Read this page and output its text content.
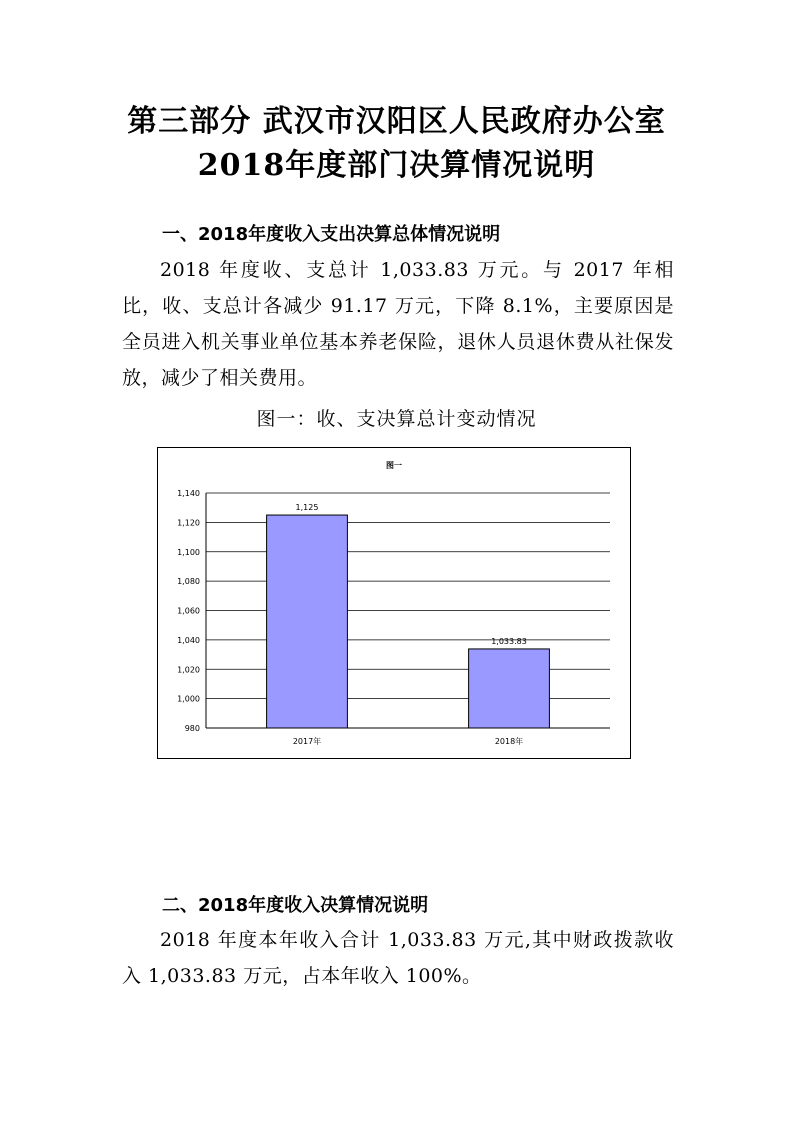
第三部分 武汉市汉阳区人民政府办公室
2018年度部门决算情况说明
一、2018年度收入支出决算总体情况说明
2018 年度收、支总计 1,033.83 万元。与 2017 年相比，收、支总计各减少 91.17 万元，下降 8.1%，主要原因是全员进入机关事业单位基本养老保险，退休人员退休费从社保发放，减少了相关费用。
图一：收、支决算总计变动情况
图一
980
1,000
1,020
1,040
1,060
1,080
1,100
1,120
1,140
1,125
2017年
1,033.83
2018年
二、2018年度收入决算情况说明
2018 年度本年收入合计 1,033.83 万元,其中财政拨款收入 1,033.83 万元，占本年收入 100%。
